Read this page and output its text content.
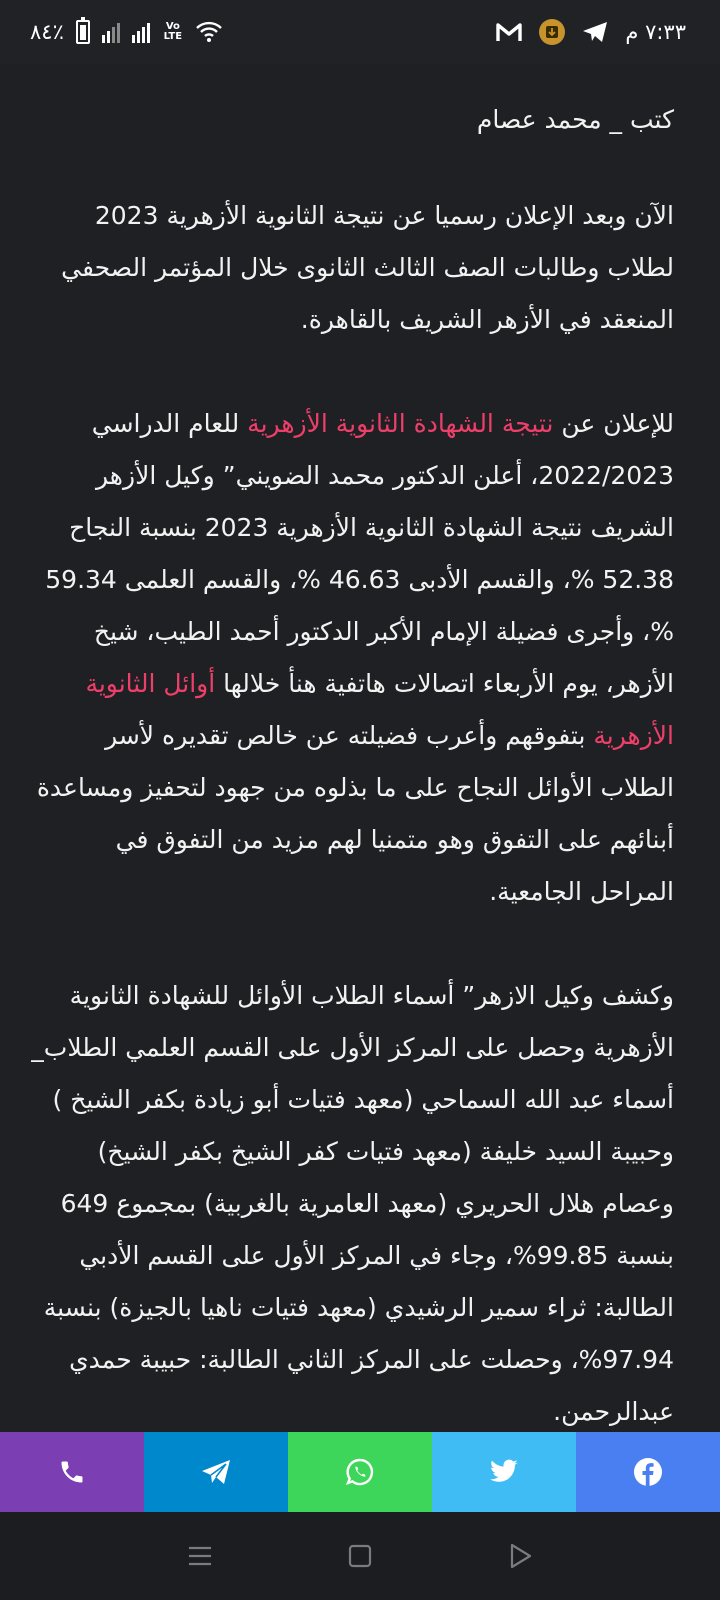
٨٤٪	Vo LTE	٧:٣٣ م

كتب _ محمد عصام

الآن وبعد الإعلان رسميا عن نتيجة الثانوية الأزهرية 2023 لطلاب وطالبات الصف الثالث الثانوى خلال المؤتمر الصحفي المنعقد في الأزهر الشريف بالقاهرة.

للإعلان عن نتيجة الشهادة الثانوية الأزهرية للعام الدراسي 2022/2023، أعلن الدكتور محمد الضويني” وكيل الأزهر الشريف نتيجة الشهادة الثانوية الأزهرية 2023 بنسبة النجاح 52.38 %، والقسم الأدبى 46.63 %، والقسم العلمى 59.34 %، وأجرى فضيلة الإمام الأكبر الدكتور أحمد الطيب، شيخ الأزهر، يوم الأربعاء اتصالات هاتفية هنأ خلالها أوائل الثانوية الأزهرية بتفوقهم وأعرب فضيلته عن خالص تقديره لأسر الطلاب الأوائل النجاح على ما بذلوه من جهود لتحفيز ومساعدة أبنائهم على التفوق وهو متمنيا لهم مزيد من التفوق في المراحل الجامعية.

وكشف وكيل الازهر” أسماء الطلاب الأوائل للشهادة الثانوية الأزهرية وحصل على المركز الأول على القسم العلمي الطلاب_ أسماء عبد الله السماحي (معهد فتيات أبو زيادة بكفر الشيخ ) وحبيبة السيد خليفة (معهد فتيات كفر الشيخ بكفر الشيخ) وعصام هلال الحريري (معهد العامرية بالغربية) بمجموع 649 بنسبة 99.85%، وجاء في المركز الأول على القسم الأدبي الطالبة: ثراء سمير الرشيدي (معهد فتيات ناهيا بالجيزة) بنسبة 97.94%، وحصلت على المركز الثاني الطالبة: حبيبة حمدي عبدالرحمن.
